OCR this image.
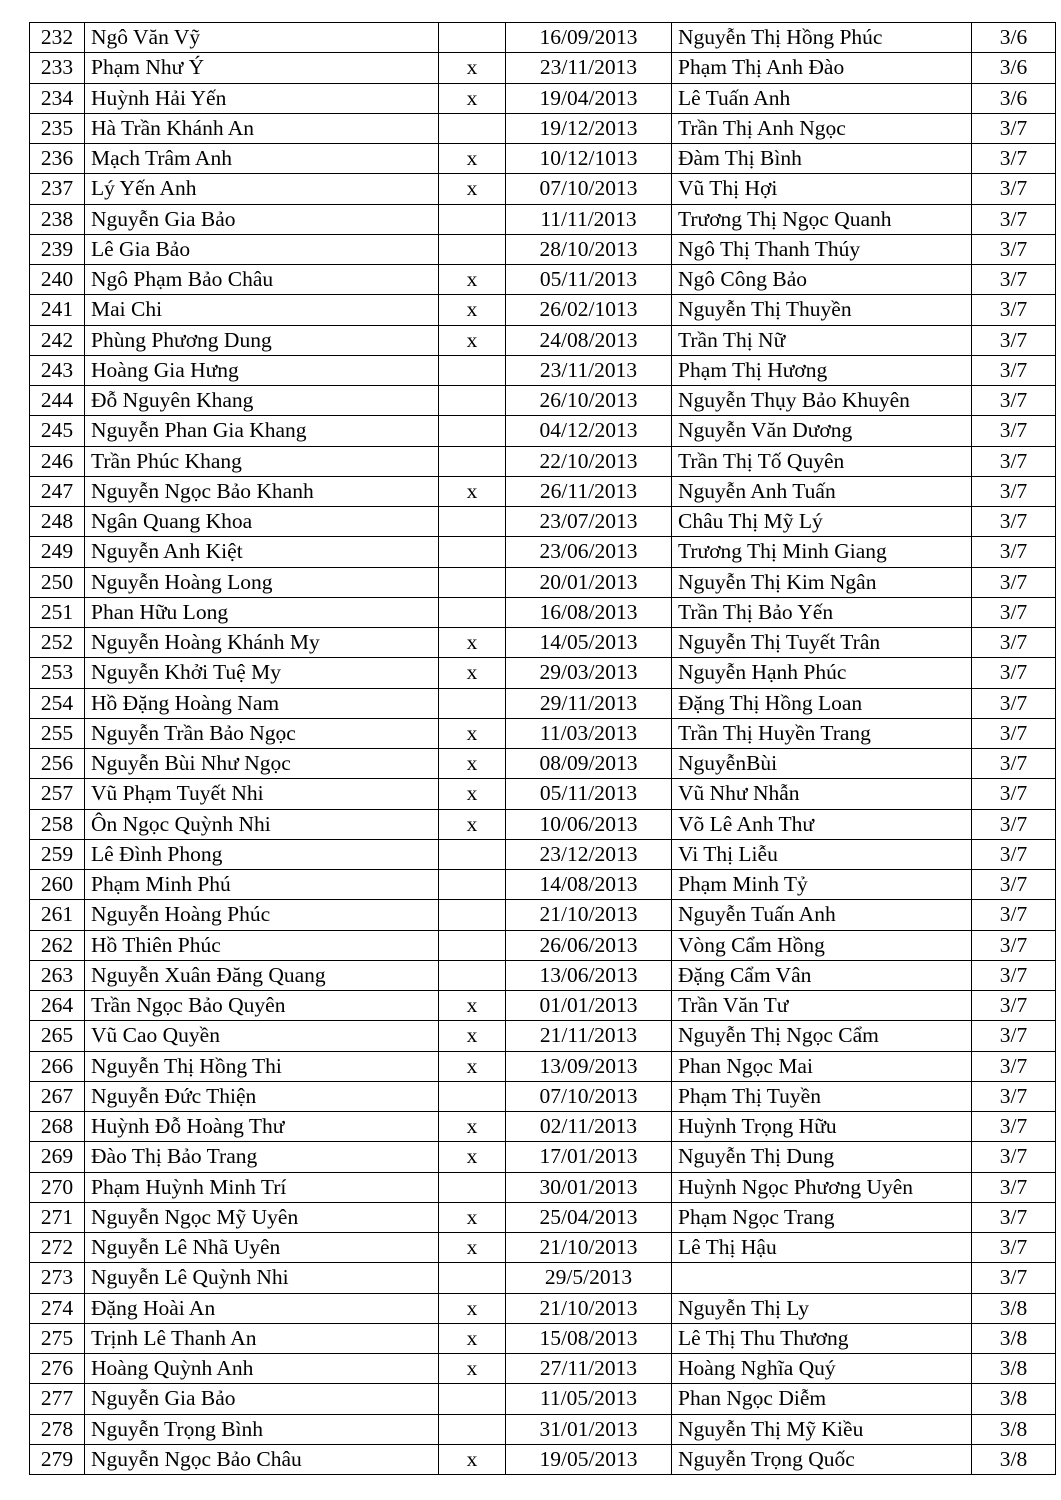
232	Ngô Văn Vỹ		16/09/2013	Nguyễn Thị Hồng Phúc	3/6
233	Phạm Như Ý	x	23/11/2013	Phạm Thị Anh Đào	3/6
234	Huỳnh Hải Yến	x	19/04/2013	Lê Tuấn Anh	3/6
235	Hà Trần Khánh An		19/12/2013	Trần Thị Anh Ngọc	3/7
236	Mạch Trâm Anh	x	10/12/1013	Đàm Thị Bình	3/7
237	Lý Yến Anh	x	07/10/2013	Vũ Thị Hợi	3/7
238	Nguyễn Gia Bảo		11/11/2013	Trương Thị Ngọc Quanh	3/7
239	Lê Gia Bảo		28/10/2013	Ngô Thị Thanh Thúy	3/7
240	Ngô Phạm Bảo Châu	x	05/11/2013	Ngô Công Bảo	3/7
241	Mai Chi	x	26/02/1013	Nguyễn Thị Thuyền	3/7
242	Phùng Phương Dung	x	24/08/2013	Trần Thị Nữ	3/7
243	Hoàng Gia Hưng		23/11/2013	Phạm Thị Hương	3/7
244	Đỗ Nguyên Khang		26/10/2013	Nguyễn Thụy Bảo Khuyên	3/7
245	Nguyễn Phan Gia Khang		04/12/2013	Nguyễn Văn Dương	3/7
246	Trần Phúc Khang		22/10/2013	Trần Thị Tố Quyên	3/7
247	Nguyễn Ngọc Bảo Khanh	x	26/11/2013	Nguyễn Anh Tuấn	3/7
248	Ngân Quang Khoa		23/07/2013	Châu Thị Mỹ Lý	3/7
249	Nguyễn Anh Kiệt		23/06/2013	Trương Thị Minh Giang	3/7
250	Nguyễn Hoàng Long		20/01/2013	Nguyễn Thị Kim Ngân	3/7
251	Phan Hữu Long		16/08/2013	Trần Thị Bảo Yến	3/7
252	Nguyễn Hoàng Khánh My	x	14/05/2013	Nguyễn Thị Tuyết Trân	3/7
253	Nguyễn Khởi Tuệ My	x	29/03/2013	Nguyễn Hạnh Phúc	3/7
254	Hồ Đặng Hoàng Nam		29/11/2013	Đặng Thị Hồng Loan	3/7
255	Nguyễn Trần Bảo Ngọc	x	11/03/2013	Trần Thị Huyền Trang	3/7
256	Nguyễn Bùi Như Ngọc	x	08/09/2013	NguyễnBùi	3/7
257	Vũ Phạm Tuyết Nhi	x	05/11/2013	Vũ Như Nhẫn	3/7
258	Ôn Ngọc Quỳnh Nhi	x	10/06/2013	Võ Lê Anh Thư	3/7
259	Lê Đình Phong		23/12/2013	Vi Thị Liễu	3/7
260	Phạm Minh Phú		14/08/2013	Phạm Minh Tỷ	3/7
261	Nguyễn Hoàng Phúc		21/10/2013	Nguyễn Tuấn Anh	3/7
262	Hồ Thiên Phúc		26/06/2013	Vòng Cẩm Hồng	3/7
263	Nguyễn Xuân Đăng Quang		13/06/2013	Đặng Cẩm Vân	3/7
264	Trần Ngọc Bảo Quyên	x	01/01/2013	Trần Văn Tư	3/7
265	Vũ Cao Quyền	x	21/11/2013	Nguyễn Thị Ngọc Cẩm	3/7
266	Nguyễn Thị Hồng Thi	x	13/09/2013	Phan Ngọc Mai	3/7
267	Nguyễn Đức Thiện		07/10/2013	Phạm Thị Tuyền	3/7
268	Huỳnh Đỗ Hoàng Thư	x	02/11/2013	Huỳnh Trọng Hữu	3/7
269	Đào Thị Bảo Trang	x	17/01/2013	Nguyễn Thị Dung	3/7
270	Phạm Huỳnh Minh Trí		30/01/2013	Huỳnh Ngọc Phương Uyên	3/7
271	Nguyễn Ngọc Mỹ Uyên	x	25/04/2013	Phạm Ngọc Trang	3/7
272	Nguyễn Lê Nhã Uyên	x	21/10/2013	Lê Thị Hậu	3/7
273	Nguyễn Lê Quỳnh Nhi		29/5/2013		3/7
274	Đặng Hoài An	x	21/10/2013	Nguyễn Thị Ly	3/8
275	Trịnh Lê Thanh An	x	15/08/2013	Lê Thị Thu Thương	3/8
276	Hoàng Quỳnh Anh	x	27/11/2013	Hoàng Nghĩa Quý	3/8
277	Nguyễn Gia Bảo		11/05/2013	Phan Ngọc Diễm	3/8
278	Nguyễn Trọng Bình		31/01/2013	Nguyễn Thị Mỹ Kiều	3/8
279	Nguyễn Ngọc Bảo Châu	x	19/05/2013	Nguyễn Trọng Quốc	3/8
